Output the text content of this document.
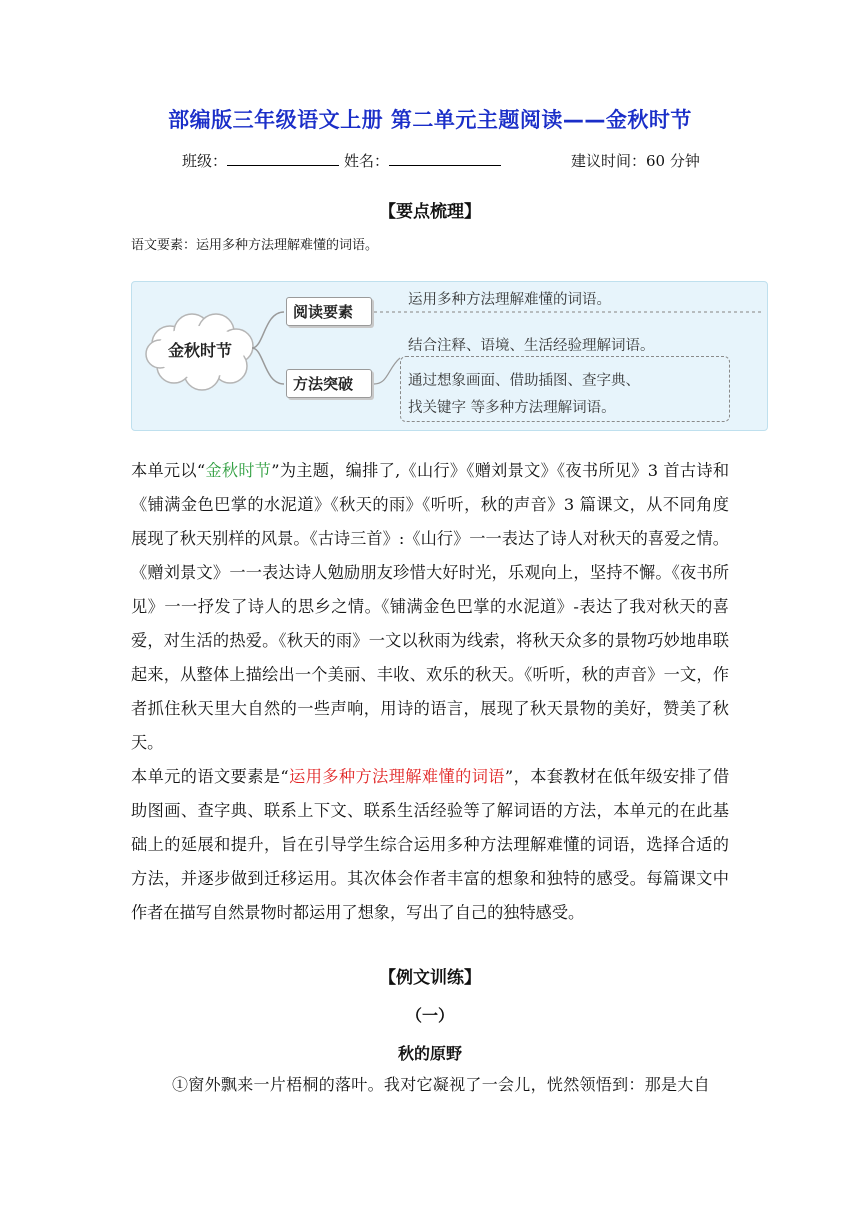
部编版三年级语文上册 第二单元主题阅读——金秋时节
班级：	姓名：	建议时间：60 分钟
【要点梳理】
语文要素：运用多种方法理解难懂的词语。
金秋时节
阅读要素
运用多种方法理解难懂的词语。
方法突破
结合注释、语境、生活经验理解词语。
通过想象画面、借助插图、查字典、
找关键字 等多种方法理解词语。

本单元以“金秋时节”为主题，编排了,《山行》《赠刘景文》《夜书所见》3 首古诗和《铺满金色巴掌的水泥道》《秋天的雨》《听听，秋的声音》3 篇课文，从不同角度展现了秋天别样的风景。《古诗三首》:《山行》一一表达了诗人对秋天的喜爱之情。《赠刘景文》一一表达诗人勉励朋友珍惜大好时光，乐观向上，坚持不懈。《夜书所见》一一抒发了诗人的思乡之情。《铺满金色巴掌的水泥道》-表达了我对秋天的喜爱，对生活的热爱。《秋天的雨》一文以秋雨为线索，将秋天众多的景物巧妙地串联起来，从整体上描绘出一个美丽、丰收、欢乐的秋天。《听听，秋的声音》一文，作者抓住秋天里大自然的一些声响，用诗的语言，展现了秋天景物的美好，赞美了秋天。

本单元的语文要素是“运用多种方法理解难懂的词语”，本套教材在低年级安排了借助图画、查字典、联系上下文、联系生活经验等了解词语的方法，本单元的在此基础上的延展和提升，旨在引导学生综合运用多种方法理解难懂的词语，选择合适的方法，并逐步做到迁移运用。其次体会作者丰富的想象和独特的感受。每篇课文中作者在描写自然景物时都运用了想象，写出了自己的独特感受。

【例文训练】
（一）
秋的原野
①窗外飘来一片梧桐的落叶。我对它凝视了一会儿，恍然领悟到：那是大自
